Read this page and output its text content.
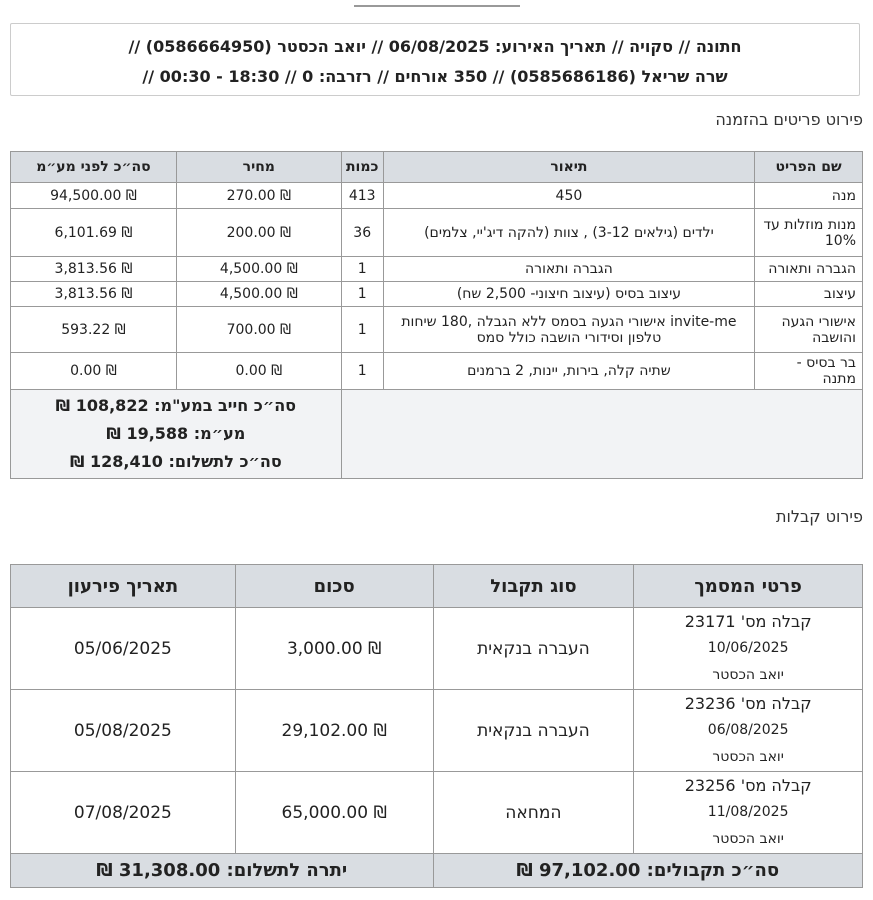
חתונה // סקויה // תאריך האירוע: 06/08/2025 // יואב הכסטר (0586664950) //
שרה שריאל (0585686186) // 350 אורחים // רזרבה: 0 // 18:30 - 00:30 //
פירוט פריטים בהזמנה
שם הפריט	תיאור	כמות	מחיר	סה״כ לפני מע״מ
מנה	450	413	270.00 ₪	94,500.00 ₪
מנות מוזלות עד 10%	ילדים (גילאים 3-12) , צוות (להקה דיג'יי, צלמים)	36	200.00 ₪	6,101.69 ₪
הגברה ותאורה	הגברה ותאורה	1	4,500.00 ₪	3,813.56 ₪
עיצוב	עיצוב בסיס (עיצוב חיצוני- 2,500 שח)	1	4,500.00 ₪	3,813.56 ₪
אישורי הגעה והושבה	invite-me אישורי הגעה בסמס ללא הגבלה ,180 שיחות טלפון וסידורי הושבה כולל סמס	1	700.00 ₪	593.22 ₪
בר בסיס - מתנה	שתיה קלה, בירות, יינות, 2 ברמנים	1	0.00 ₪	0.00 ₪

			סה״כ חייב במע"מ: 108,822 ₪
מע״מ: 19,588 ₪
סה״כ לתשלום: 128,410 ₪	
פירוט קבלות
פרטי המסמך	סוג תקבול	סכום	תאריך פירעון

קבלה מס' 23171
10/06/2025
יואב הכסטר	העברה בנקאית	3,000.00 ₪	05/06/2025

קבלה מס' 23236
06/08/2025
יואב הכסטר	העברה בנקאית	29,102.00 ₪	05/08/2025

קבלה מס' 23256
11/08/2025
יואב הכסטר	המחאה	65,000.00 ₪	07/08/2025
סה״כ תקבולים: 97,102.00 ₪		יתרה לתשלום: 31,308.00 ₪	
